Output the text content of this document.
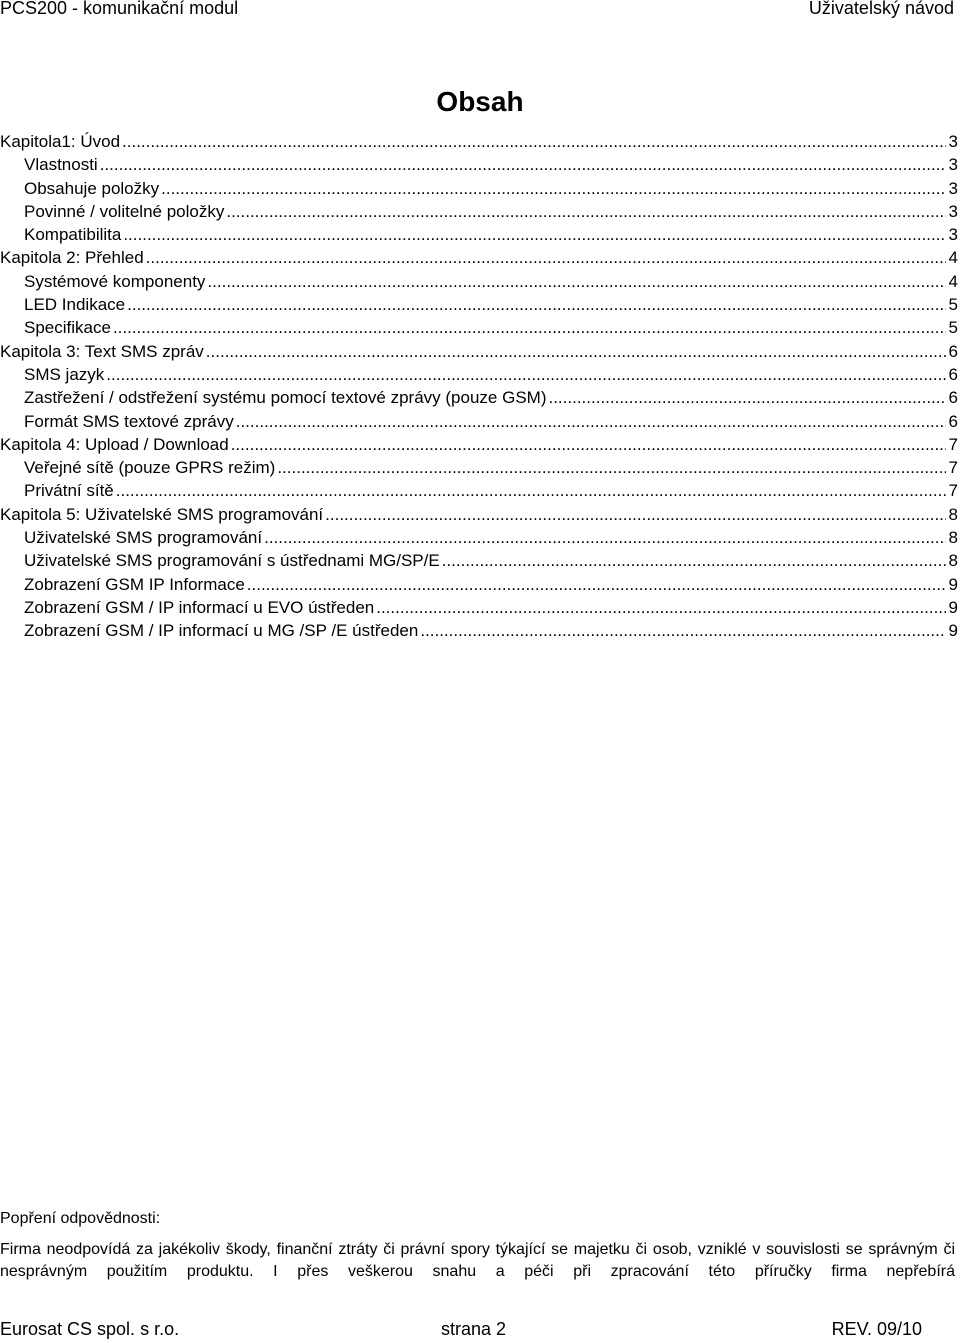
PCS200 - komunikační modul	Uživatelský návod
Obsah
Kapitola1: Úvod .....	3
Vlastnosti .....	3
Obsahuje položky .....	3
Povinné / volitelné položky .....	3
Kompatibilita .....	3
Kapitola 2: Přehled .....	4
Systémové komponenty .....	4
LED Indikace .....	5
Specifikace .....	5
Kapitola 3: Text SMS zpráv .....	6
SMS jazyk .....	6
Zastřežení / odstřežení systému pomocí textové zprávy (pouze GSM) .....	6
Formát SMS textové zprávy .....	6
Kapitola 4: Upload / Download .....	7
Veřejné sítě (pouze GPRS režim) .....	7
Privátní sítě .....	7
Kapitola 5: Uživatelské SMS programování .....	8
Uživatelské SMS programování .....	8
Uživatelské SMS programování s ústřednami MG/SP/E .....	8
Zobrazení GSM IP Informace .....	9
Zobrazení GSM / IP informací u EVO ústředen .....	9
Zobrazení GSM / IP informací u MG /SP /E ústředen .....	9
Popření odpovědnosti:
Firma neodpovídá za jakékoliv škody, finanční ztráty či právní spory týkající se majetku či osob, vzniklé v souvislosti se správným či nesprávným použitím produktu. I přes veškerou snahu a péči při zpracování této příručky firma nepřebírá
Eurosat CS spol. s r.o.	strana 2	REV. 09/10
